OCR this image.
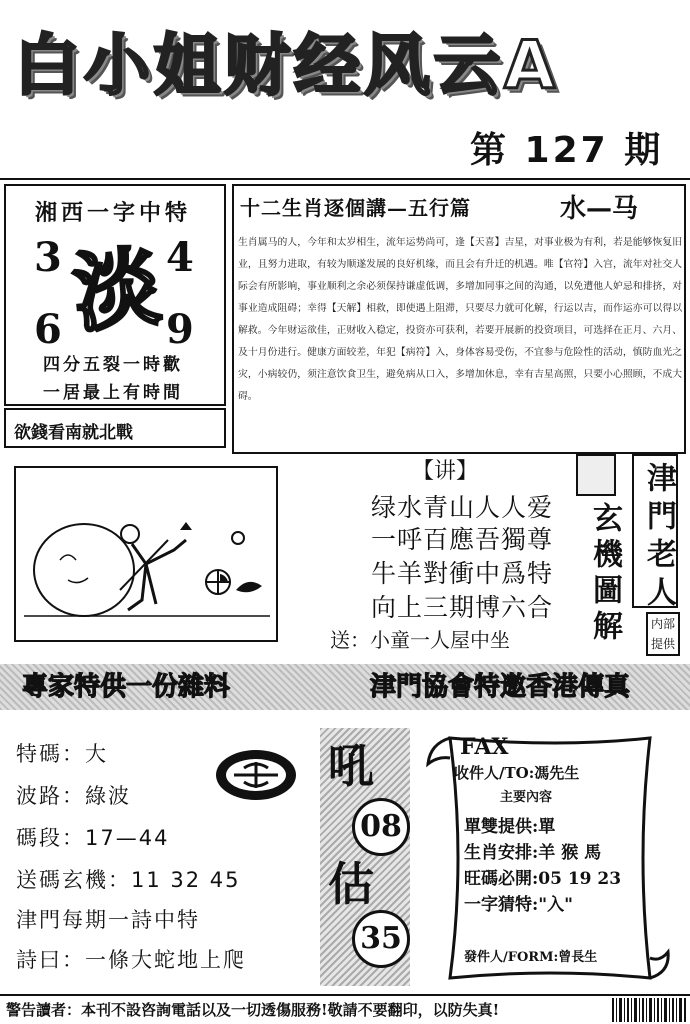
白小姐财经风云A
第 127 期
湘西一字中特
3	4
6	9
淡
四分五裂一時歡
一居最上有時間
欲錢看南就北戰
十二生肖逐個講—五行篇	水—马
生肖属马的人，今年和太岁相生，流年运势尚可，逢【天喜】吉星，对事业极为有利，若是能够恢复旧业，且努力进取，有较为顺遂发展的良好机缘，而且会有升迁的机遇。唯【官符】入宫，流年对社交人际会有所影响，事业顺利之余必须保持谦虚低调，多增加同事之间的沟通，以免遭他人妒忌和排挤，对事业造成阻碍；幸得【天解】相救，即使遇上阻滞，只要尽力就可化解，行运以吉，而作运亦可以得以解救。今年财运欲佳，正财收入稳定，投资亦可获利，若要开展新的投资项目，可选择在正月、六月、及十月份进行。健康方面较差，年犯【病符】入，身体容易受伤，不宜参与危险性的活动，慎防血光之灾，小病较仍，须注意饮食卫生，避免病从口入，多增加休息，幸有吉星高照，只要小心照顾，不成大碍。
【讲】
绿水青山人人爱
一呼百應吾獨尊
牛羊對衝中爲特
向上三期博六合
送：小童一人屋中坐	玄機圖解 津門老人
内部
提供
專家特供一份雜料	津門協會特邀香港傳真
特碼：大
波路：綠波
碼段：17—44
送碼玄機：11 32 45
津門每期一詩中特
詩曰：一條大蛇地上爬
吼
08
估
35
FAX
收件人/TO:馮先生
主要內容
單雙提供:單
生肖安排:羊 猴 馬
旺碼必開:05 19 23
一字猜特:"入"
發件人/FORM:曾長生
警告讀者：本刊不設咨詢電話以及一切透傷服務!敬請不要翻印，以防失真!
